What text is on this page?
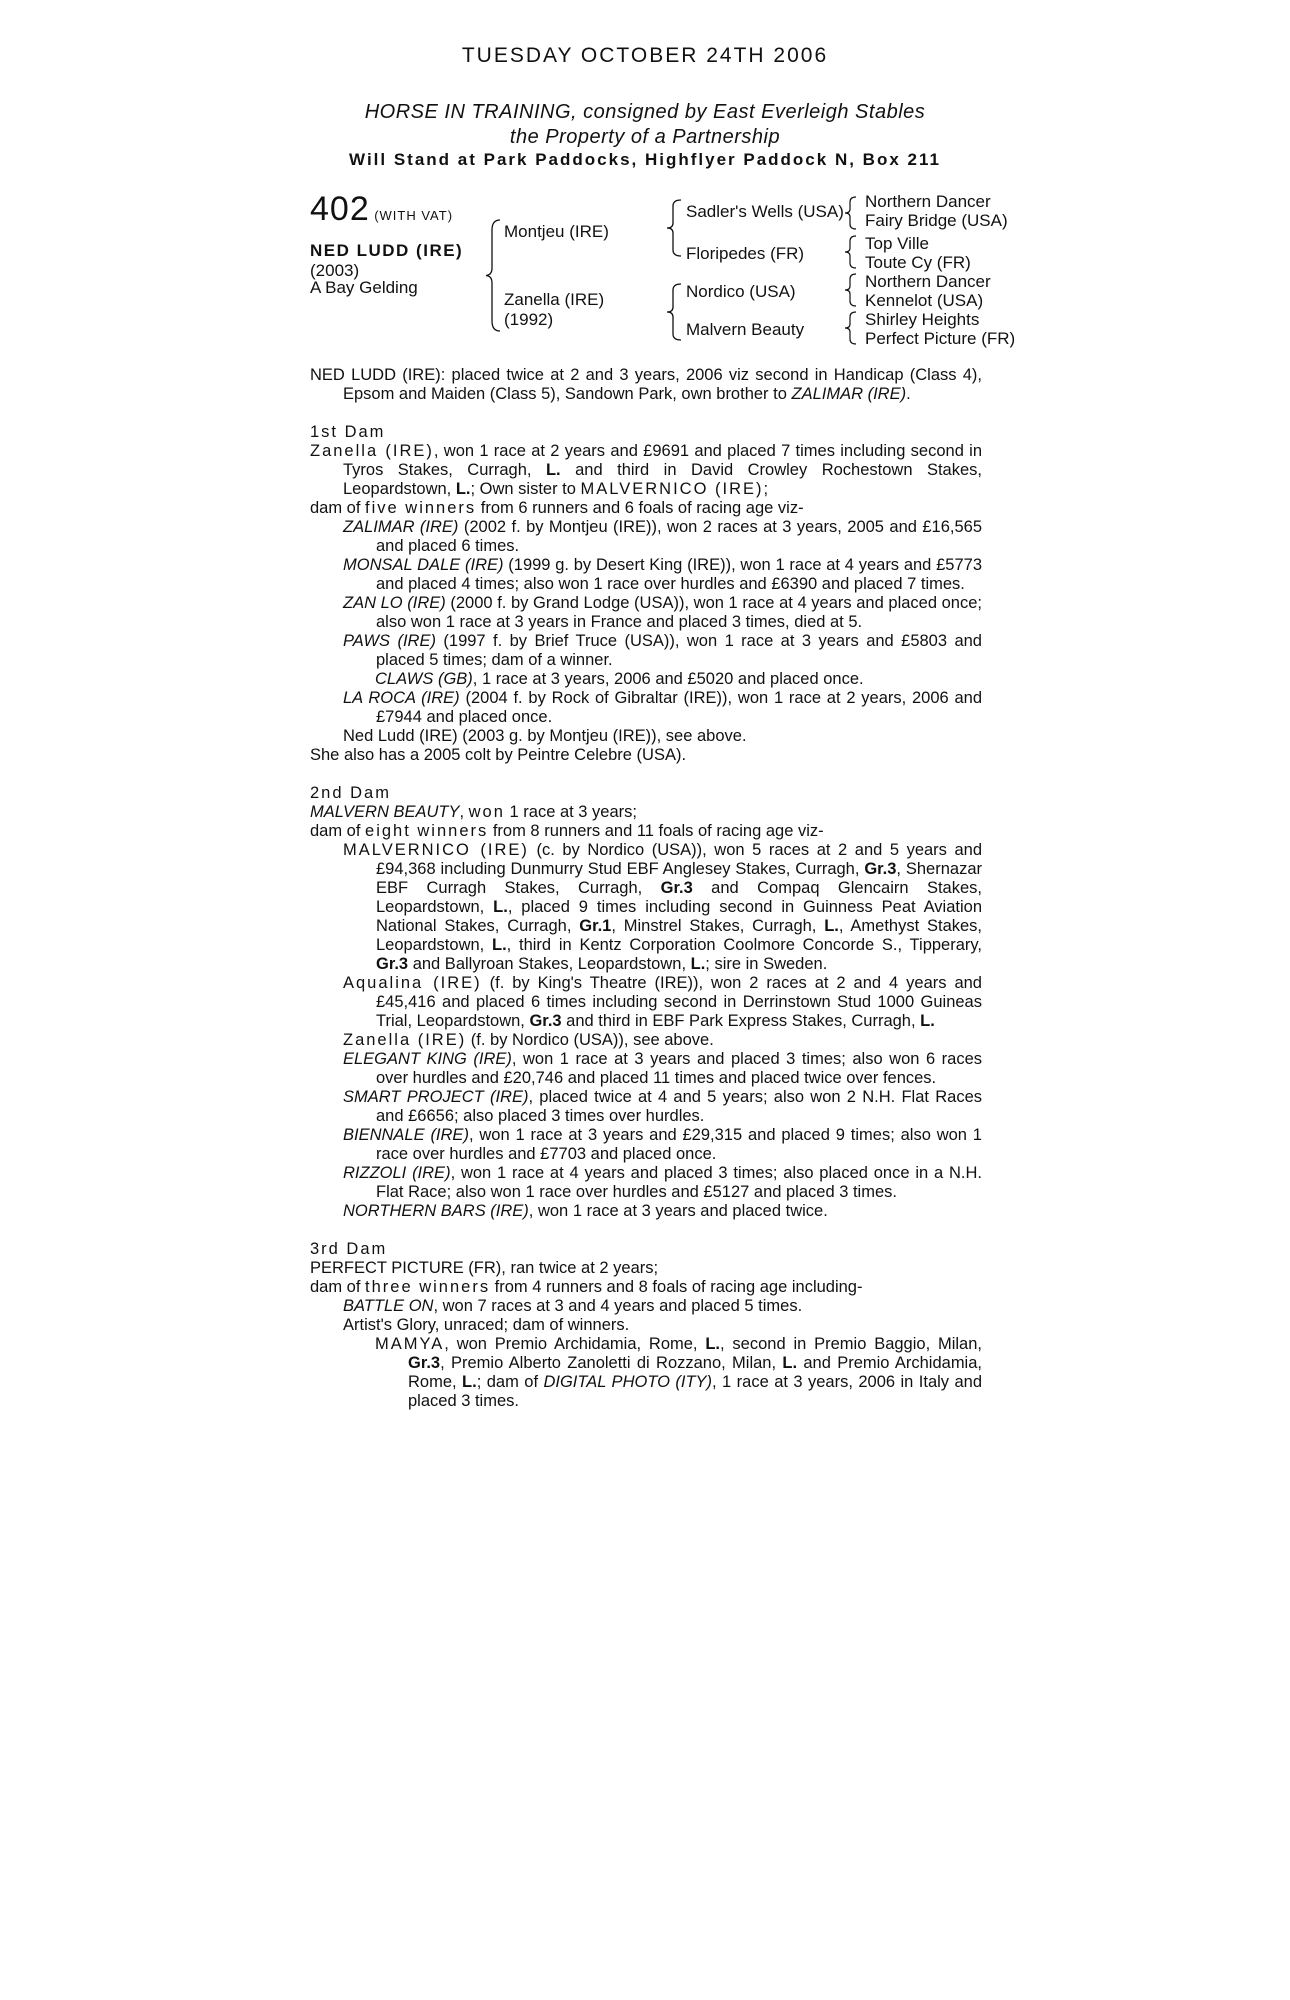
TUESDAY OCTOBER 24TH 2006
HORSE IN TRAINING, consigned by East Everleigh Stables
the Property of a Partnership
Will Stand at Park Paddocks, Highflyer Paddock N, Box 211
402 (WITH VAT)
NED LUDD (IRE)
(2003)
A Bay Gelding
Montjeu (IRE)
Zanella (IRE)
(1992)
Sadler's Wells (USA)
Floripedes (FR)
Nordico (USA)
Malvern Beauty
Northern Dancer
Fairy Bridge (USA)
Top Ville
Toute Cy (FR)
Northern Dancer
Kennelot (USA)
Shirley Heights
Perfect Picture (FR)

NED LUDD (IRE): placed twice at 2 and 3 years, 2006 viz second in Handicap (Class 4), Epsom and Maiden (Class 5), Sandown Park, own brother to ZALIMAR (IRE).

1st Dam

Zanella (IRE), won 1 race at 2 years and £9691 and placed 7 times including second in Tyros Stakes, Curragh, L. and third in David Crowley Rochestown Stakes, Leopardstown, L.; Own sister to MALVERNICO (IRE);

dam of five winners from 6 runners and 6 foals of racing age viz-

ZALIMAR (IRE) (2002 f. by Montjeu (IRE)), won 2 races at 3 years, 2005 and £16,565 and placed 6 times.

MONSAL DALE (IRE) (1999 g. by Desert King (IRE)), won 1 race at 4 years and £5773 and placed 4 times; also won 1 race over hurdles and £6390 and placed 7 times.

ZAN LO (IRE) (2000 f. by Grand Lodge (USA)), won 1 race at 4 years and placed once; also won 1 race at 3 years in France and placed 3 times, died at 5.

PAWS (IRE) (1997 f. by Brief Truce (USA)), won 1 race at 3 years and £5803 and placed 5 times; dam of a winner.

CLAWS (GB), 1 race at 3 years, 2006 and £5020 and placed once.

LA ROCA (IRE) (2004 f. by Rock of Gibraltar (IRE)), won 1 race at 2 years, 2006 and £7944 and placed once.

Ned Ludd (IRE) (2003 g. by Montjeu (IRE)), see above.

She also has a 2005 colt by Peintre Celebre (USA).

2nd Dam

MALVERN BEAUTY, won 1 race at 3 years;

dam of eight winners from 8 runners and 11 foals of racing age viz-

MALVERNICO (IRE) (c. by Nordico (USA)), won 5 races at 2 and 5 years and £94,368 including Dunmurry Stud EBF Anglesey Stakes, Curragh, Gr.3, Shernazar EBF Curragh Stakes, Curragh, Gr.3 and Compaq Glencairn Stakes, Leopardstown, L., placed 9 times including second in Guinness Peat Aviation National Stakes, Curragh, Gr.1, Minstrel Stakes, Curragh, L., Amethyst Stakes, Leopardstown, L., third in Kentz Corporation Coolmore Concorde S., Tipperary, Gr.3 and Ballyroan Stakes, Leopardstown, L.; sire in Sweden.

Aqualina (IRE) (f. by King's Theatre (IRE)), won 2 races at 2 and 4 years and £45,416 and placed 6 times including second in Derrinstown Stud 1000 Guineas Trial, Leopardstown, Gr.3 and third in EBF Park Express Stakes, Curragh, L.

Zanella (IRE) (f. by Nordico (USA)), see above.

ELEGANT KING (IRE), won 1 race at 3 years and placed 3 times; also won 6 races over hurdles and £20,746 and placed 11 times and placed twice over fences.

SMART PROJECT (IRE), placed twice at 4 and 5 years; also won 2 N.H. Flat Races and £6656; also placed 3 times over hurdles.

BIENNALE (IRE), won 1 race at 3 years and £29,315 and placed 9 times; also won 1 race over hurdles and £7703 and placed once.

RIZZOLI (IRE), won 1 race at 4 years and placed 3 times; also placed once in a N.H. Flat Race; also won 1 race over hurdles and £5127 and placed 3 times.

NORTHERN BARS (IRE), won 1 race at 3 years and placed twice.

3rd Dam

PERFECT PICTURE (FR), ran twice at 2 years;

dam of three winners from 4 runners and 8 foals of racing age including-

BATTLE ON, won 7 races at 3 and 4 years and placed 5 times.

Artist's Glory, unraced; dam of winners.

MAMYA, won Premio Archidamia, Rome, L., second in Premio Baggio, Milan, Gr.3, Premio Alberto Zanoletti di Rozzano, Milan, L. and Premio Archidamia, Rome, L.; dam of DIGITAL PHOTO (ITY), 1 race at 3 years, 2006 in Italy and placed 3 times.
